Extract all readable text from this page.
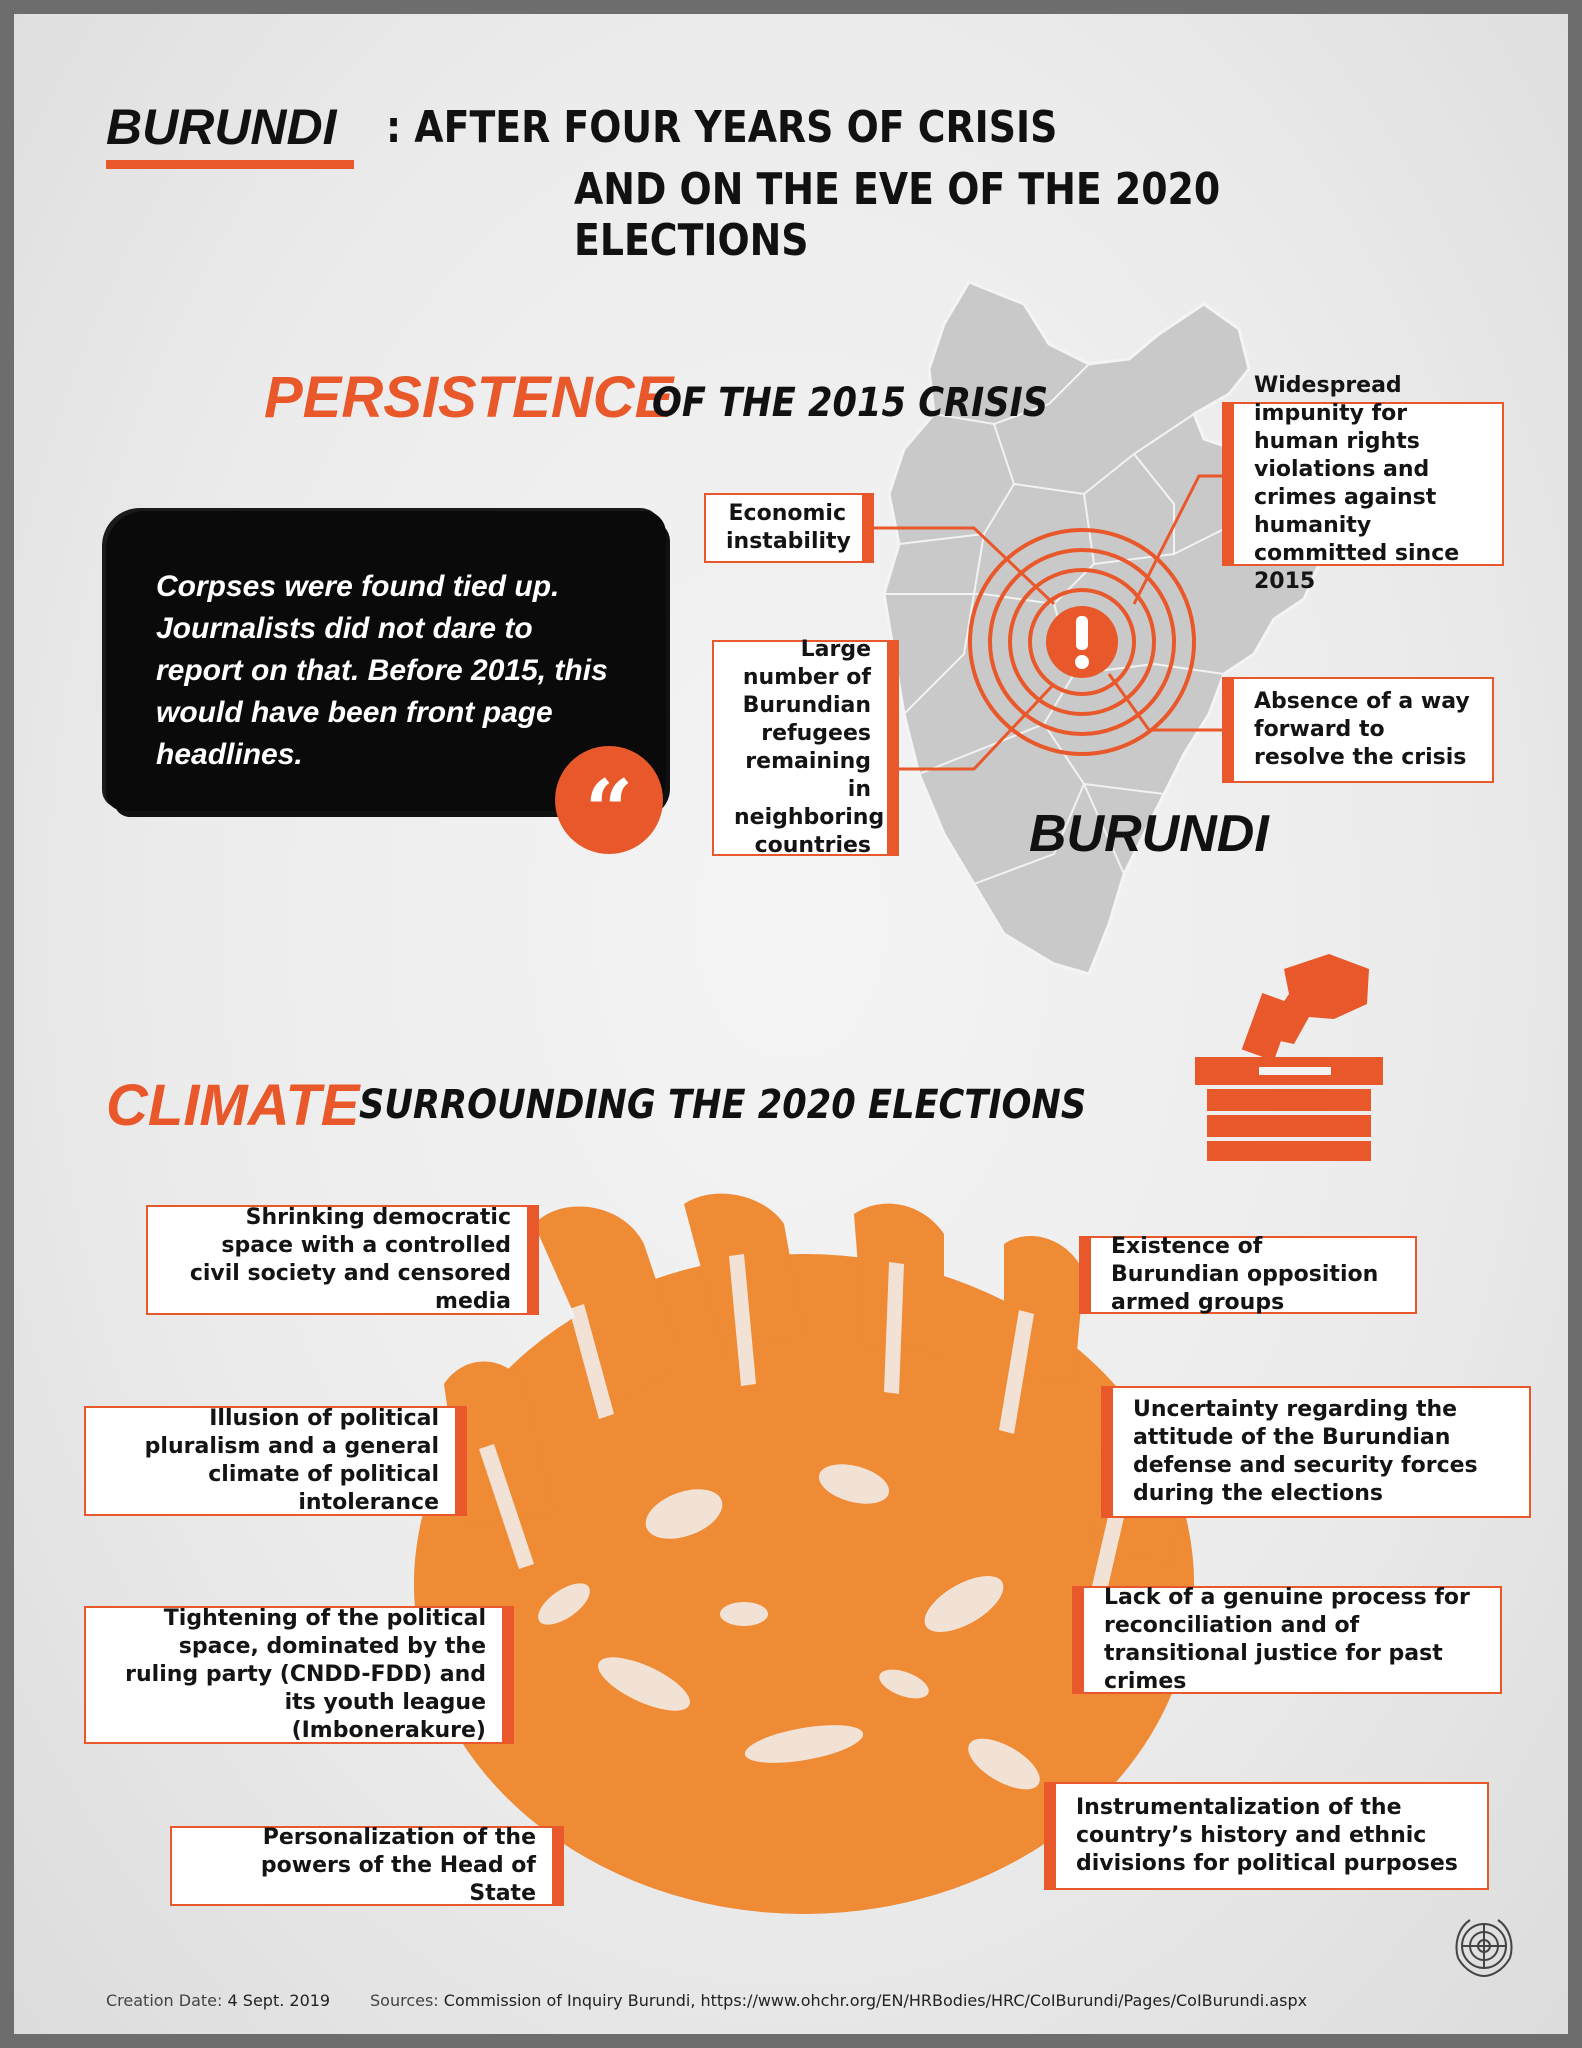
BURUNDI : AFTER FOUR YEARS OF CRISIS
AND ON THE EVE OF THE 2020 ELECTIONS
PERSISTENCE
OF THE 2015 CRISIS
Corpses were found tied up. Journalists did not dare to report on that. Before 2015, this would have been front page headlines.
“
Economic instability
Widespread impunity for human rights violations and crimes against humanity committed since 2015
Large number of Burundian refugees remaining in neighboring countries
Absence of a way forward to resolve the crisis
BURUNDI
CLIMATE SURROUNDING THE 2020 ELECTIONS
Shrinking democratic space with a controlled civil society and censored media
Illusion of political pluralism and a general climate of political intolerance
Tightening of the political space, dominated by the ruling party (CNDD-FDD) and its youth league (Imbonerakure)
Personalization of the powers of the Head of State
Existence of Burundian opposition armed groups
Uncertainty regarding the attitude of the Burundian defense and security forces during the elections
Lack of a genuine process for reconciliation and of transitional justice for past crimes
Instrumentalization of the country’s history and ethnic divisions for political purposes
Creation Date: 4 Sept. 2019 Sources: Commission of Inquiry Burundi, https://www.ohchr.org/EN/HRBodies/HRC/CoIBurundi/Pages/CoIBurundi.aspx
